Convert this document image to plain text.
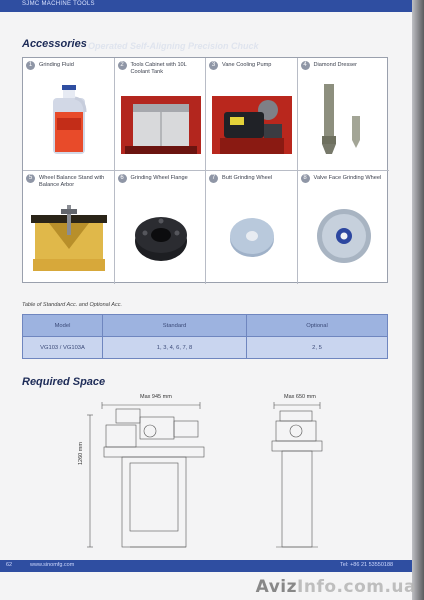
SJMC MACHINE TOOLS
Accessories Operated Self-Aligning Precision Chuck
1	Grinding Fluid	2	Tools Cabinet with 10L Coolant Tank
3	Vane Cooling Pump	4	Diamond Dresser
5	Wheel Balance Stand with Balance Arbor
6	Grinding Wheel Flange	7	Butt Grinding Wheel	8	Valve Face Grinding Wheel
Table of Standard Acc. and Optional Acc.
Model	Standard	Optional
VG103 / VG103A	1, 3, 4, 6, 7, 8	2, 5
Required Space
Max 945 mm	Max 650 mm
1260 mm
62	www.sinomfg.com	Tel: +86 21 53550188
AvizInfo.com.ua
